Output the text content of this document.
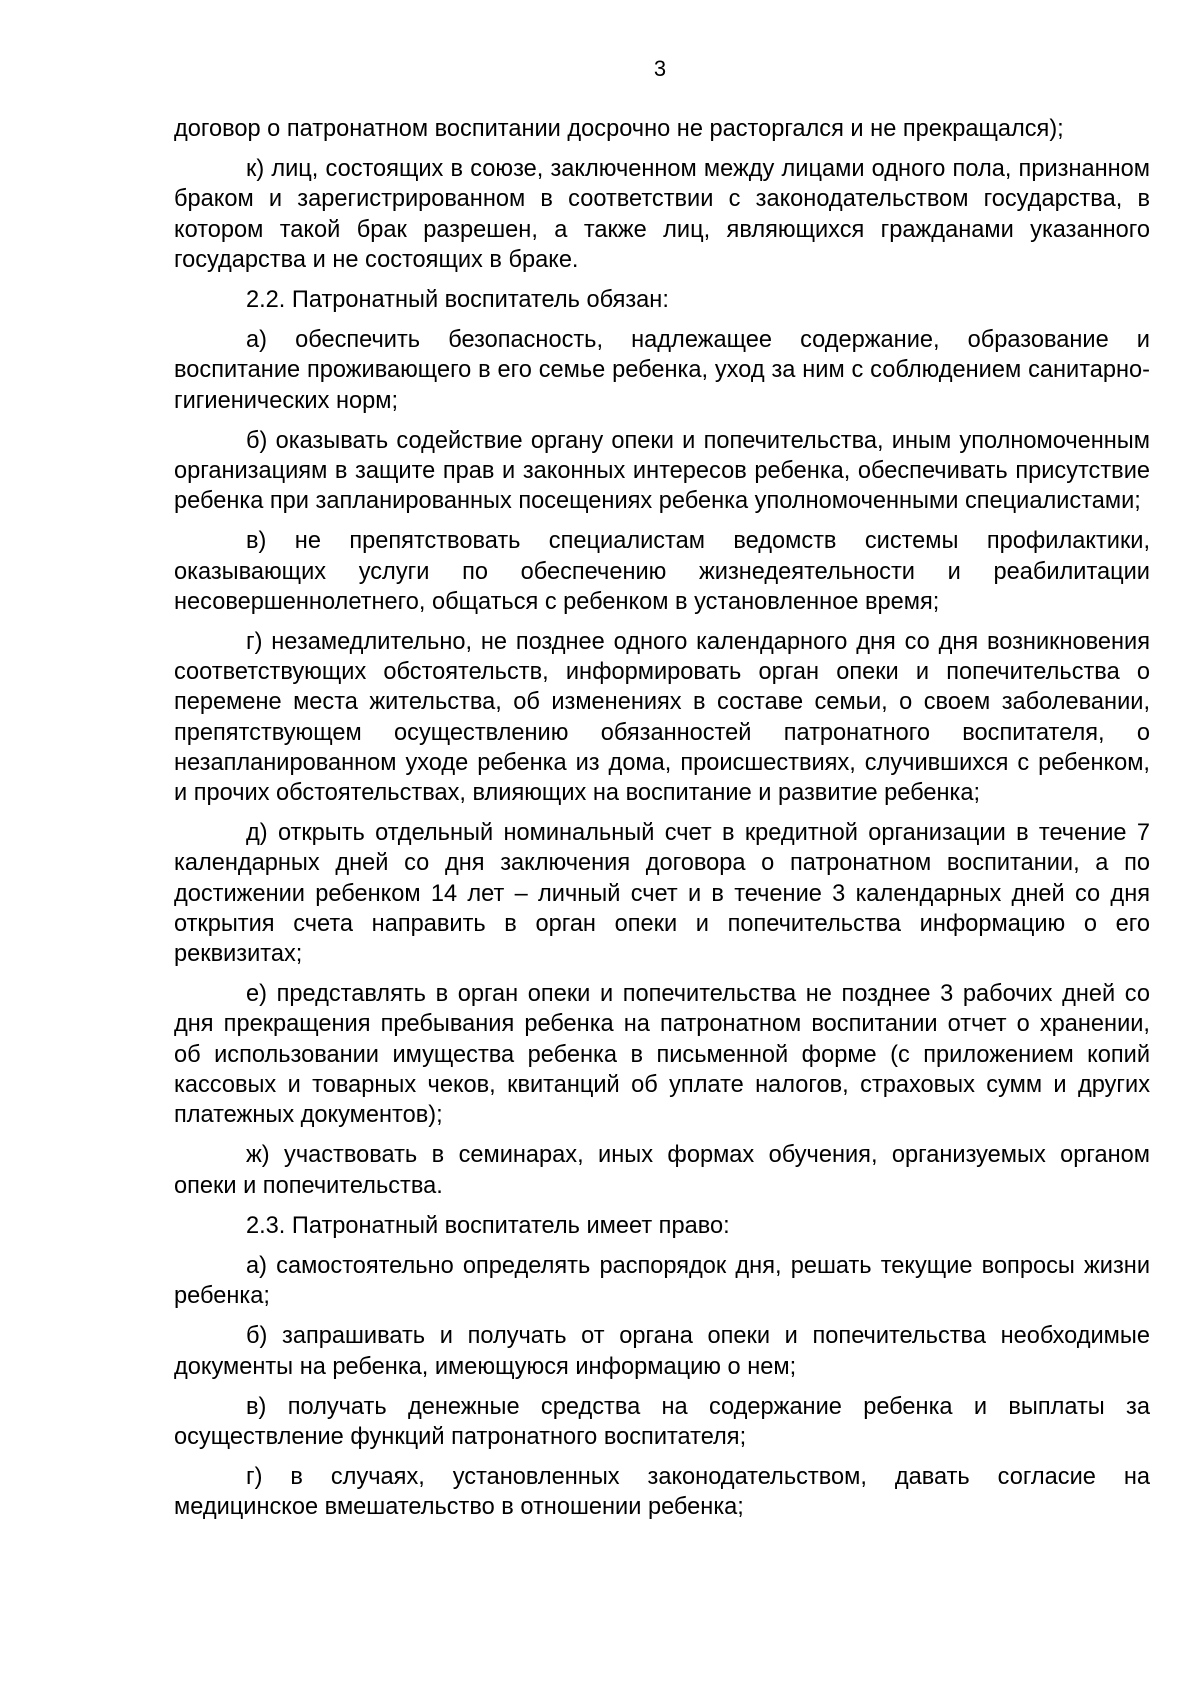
3

договор о патронатном воспитании досрочно не расторгался и не прекращался);

к) лиц, состоящих в союзе, заключенном между лицами одного пола, признанном браком и зарегистрированном в соответствии с законодательством государства, в котором такой брак разрешен, а также лиц, являющихся гражданами указанного государства и не состоящих в браке.

2.2. Патронатный воспитатель обязан:

а) обеспечить безопасность, надлежащее содержание, образование и воспитание проживающего в его семье ребенка, уход за ним с соблюдением санитарно-гигиенических норм;

б) оказывать содействие органу опеки и попечительства, иным уполномоченным организациям в защите прав и законных интересов ребенка, обеспечивать присутствие ребенка при запланированных посещениях ребенка уполномоченными специалистами;

в) не препятствовать специалистам ведомств системы профилактики, оказывающих услуги по обеспечению жизнедеятельности и реабилитации несовершеннолетнего, общаться с ребенком в установленное время;

г) незамедлительно, не позднее одного календарного дня со дня возникновения соответствующих обстоятельств, информировать орган опеки и попечительства о перемене места жительства, об изменениях в составе семьи, о своем заболевании, препятствующем осуществлению обязанностей патронатного воспитателя, о незапланированном уходе ребенка из дома, происшествиях, случившихся с ребенком, и прочих обстоятельствах, влияющих на воспитание и развитие ребенка;

д) открыть отдельный номинальный счет в кредитной организации в течение 7 календарных дней со дня заключения договора о патронатном воспитании, а по достижении ребенком 14 лет – личный счет и в течение 3 календарных дней со дня открытия счета направить в орган опеки и попечительства информацию о его реквизитах;

е) представлять в орган опеки и попечительства не позднее 3 рабочих дней со дня прекращения пребывания ребенка на патронатном воспитании отчет о хранении, об использовании имущества ребенка в письменной форме (с приложением копий кассовых и товарных чеков, квитанций об уплате налогов, страховых сумм и других платежных документов);

ж) участвовать в семинарах, иных формах обучения, организуемых органом опеки и попечительства.

2.3. Патронатный воспитатель имеет право:

а) самостоятельно определять распорядок дня, решать текущие вопросы жизни ребенка;

б) запрашивать и получать от органа опеки и попечительства необходимые документы на ребенка, имеющуюся информацию о нем;

в) получать денежные средства на содержание ребенка и выплаты за осуществление функций патронатного воспитателя;

г) в случаях, установленных законодательством, давать согласие на медицинское вмешательство в отношении ребенка;
